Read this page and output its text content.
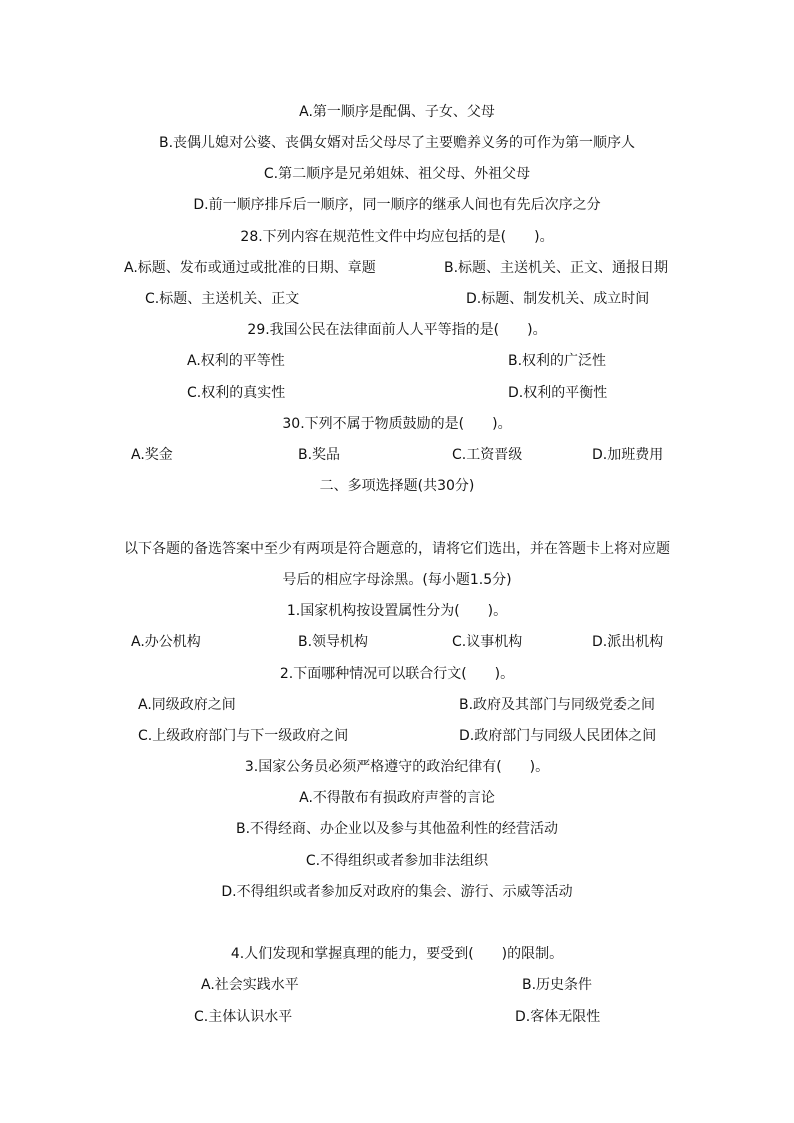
A.第一顺序是配偶、子女、父母
B.丧偶儿媳对公婆、丧偶女婿对岳父母尽了主要赡养义务的可作为第一顺序人
C.第二顺序是兄弟姐妹、祖父母、外祖父母
D.前一顺序排斥后一顺序，同一顺序的继承人间也有先后次序之分
28.下列内容在规范性文件中均应包括的是(　　)。
A.标题、发布或通过或批准的日期、章题	B.标题、主送机关、正文、通报日期
C.标题、主送机关、正文	D.标题、制发机关、成立时间
29.我国公民在法律面前人人平等指的是(　　)。
A.权利的平等性	B.权利的广泛性
C.权利的真实性	D.权利的平衡性
30.下列不属于物质鼓励的是(　　)。
A.奖金	B.奖品	C.工资晋级	D.加班费用
二、多项选择题(共30分)
以下各题的备选答案中至少有两项是符合题意的，请将它们选出，并在答题卡上将对应题
号后的相应字母涂黑。(每小题1.5分)
1.国家机构按设置属性分为(　　)。
A.办公机构	B.领导机构	C.议事机构	D.派出机构
2.下面哪种情况可以联合行文(　　)。
A.同级政府之间	B.政府及其部门与同级党委之间
C.上级政府部门与下一级政府之间	D.政府部门与同级人民团体之间
3.国家公务员必须严格遵守的政治纪律有(　　)。
A.不得散布有损政府声誉的言论
B.不得经商、办企业以及参与其他盈利性的经营活动
C.不得组织或者参加非法组织
D.不得组织或者参加反对政府的集会、游行、示威等活动
4.人们发现和掌握真理的能力，要受到(　　)的限制。
A.社会实践水平	B.历史条件
C.主体认识水平	D.客体无限性
